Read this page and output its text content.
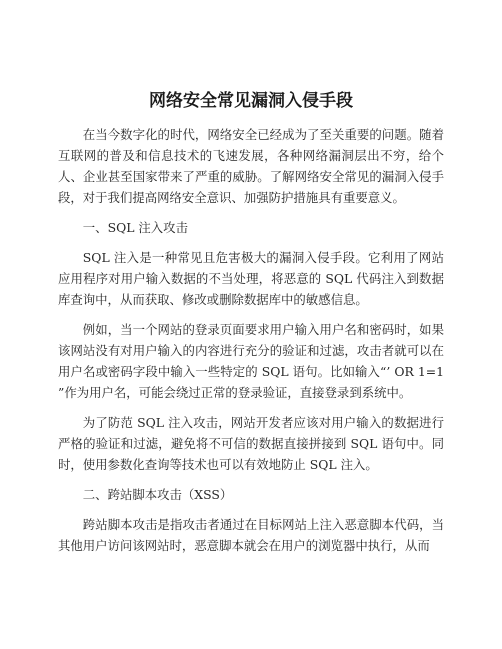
网络安全常见漏洞入侵手段

在当今数字化的时代，网络安全已经成为了至关重要的问题。随着互联网的普及和信息技术的飞速发展，各种网络漏洞层出不穷，给个人、企业甚至国家带来了严重的威胁。了解网络安全常见的漏洞入侵手段，对于我们提高网络安全意识、加强防护措施具有重要意义。

一、SQL 注入攻击

SQL 注入是一种常见且危害极大的漏洞入侵手段。它利用了网站应用程序对用户输入数据的不当处理，将恶意的 SQL 代码注入到数据库查询中，从而获取、修改或删除数据库中的敏感信息。

例如，当一个网站的登录页面要求用户输入用户名和密码时，如果该网站没有对用户输入的内容进行充分的验证和过滤，攻击者就可以在用户名或密码字段中输入一些特定的 SQL 语句。比如输入“’ OR 1=1 ”作为用户名，可能会绕过正常的登录验证，直接登录到系统中。

为了防范 SQL 注入攻击，网站开发者应该对用户输入的数据进行严格的验证和过滤，避免将不可信的数据直接拼接到 SQL 语句中。同时，使用参数化查询等技术也可以有效地防止 SQL 注入。

二、跨站脚本攻击（XSS）

跨站脚本攻击是指攻击者通过在目标网站上注入恶意脚本代码，当其他用户访问该网站时，恶意脚本就会在用户的浏览器中执行，从而
